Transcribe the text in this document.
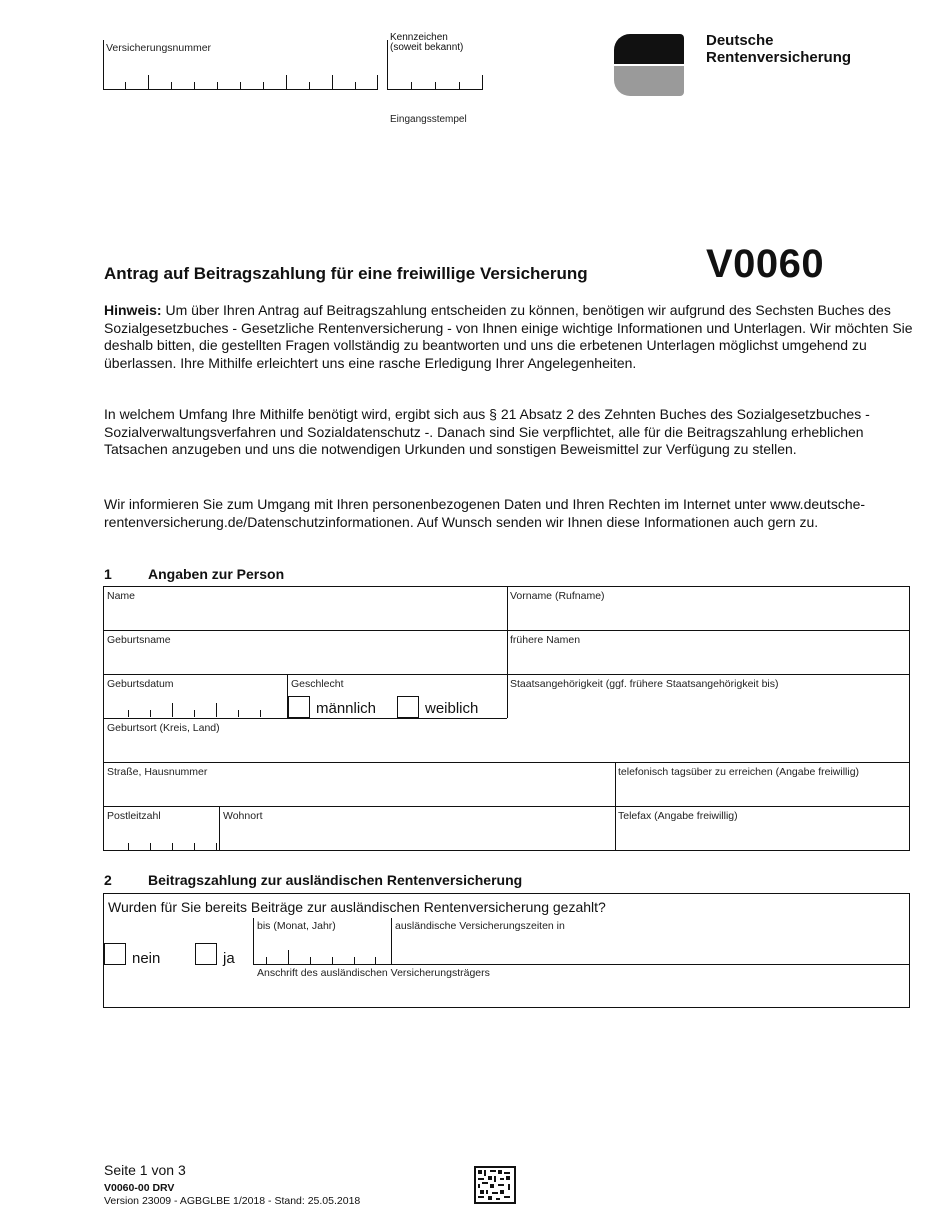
Versicherungsnummer
Kennzeichen
(soweit bekannt)
Eingangsstempel
Deutsche
Rentenversicherung
Antrag auf Beitragszahlung für eine freiwillige Versicherung	V0060
Hinweis: Um über Ihren Antrag auf Beitragszahlung entscheiden zu können, benötigen wir aufgrund des Sechsten Buches des Sozialgesetzbuches - Gesetzliche Rentenversicherung - von Ihnen einige wichtige Informationen und Unterlagen. Wir möchten Sie deshalb bitten, die gestellten Fragen vollständig zu beantworten und uns die erbetenen Unterlagen möglichst umgehend zu überlassen. Ihre Mithilfe erleichtert uns eine rasche Erledigung Ihrer Angelegenheiten.
In welchem Umfang Ihre Mithilfe benötigt wird, ergibt sich aus § 21 Absatz 2 des Zehnten Buches des Sozialgesetzbuches - Sozialverwaltungsverfahren und Sozialdatenschutz -. Danach sind Sie verpflichtet, alle für die Beitragszahlung erheblichen Tatsachen anzugeben und uns die notwendigen Urkunden und sonstigen Beweismittel zur Verfügung zu stellen.
Wir informieren Sie zum Umgang mit Ihren personenbezogenen Daten und Ihren Rechten im Internet unter www.deutsche-rentenversicherung.de/Datenschutzinformationen. Auf Wunsch senden wir Ihnen diese Informationen auch gern zu.
1	Angaben zur Person
Name	Vorname (Rufname)
Geburtsname	frühere Namen
Geburtsdatum	Geschlecht
männlich	weiblich
Staatsangehörigkeit (ggf. frühere Staatsangehörigkeit bis)
Geburtsort (Kreis, Land)
Straße, Hausnummer	telefonisch tagsüber zu erreichen (Angabe freiwillig)
Postleitzahl	Wohnort	Telefax (Angabe freiwillig)
2	Beitragszahlung zur ausländischen Rentenversicherung
Wurden für Sie bereits Beiträge zur ausländischen Rentenversicherung gezahlt?
nein	ja
bis (Monat, Jahr)	ausländische Versicherungszeiten in
Anschrift des ausländischen Versicherungsträgers
Seite 1 von 3
V0060-00 DRV
Version 23009 - AGBGLBE 1/2018 - Stand: 25.05.2018
